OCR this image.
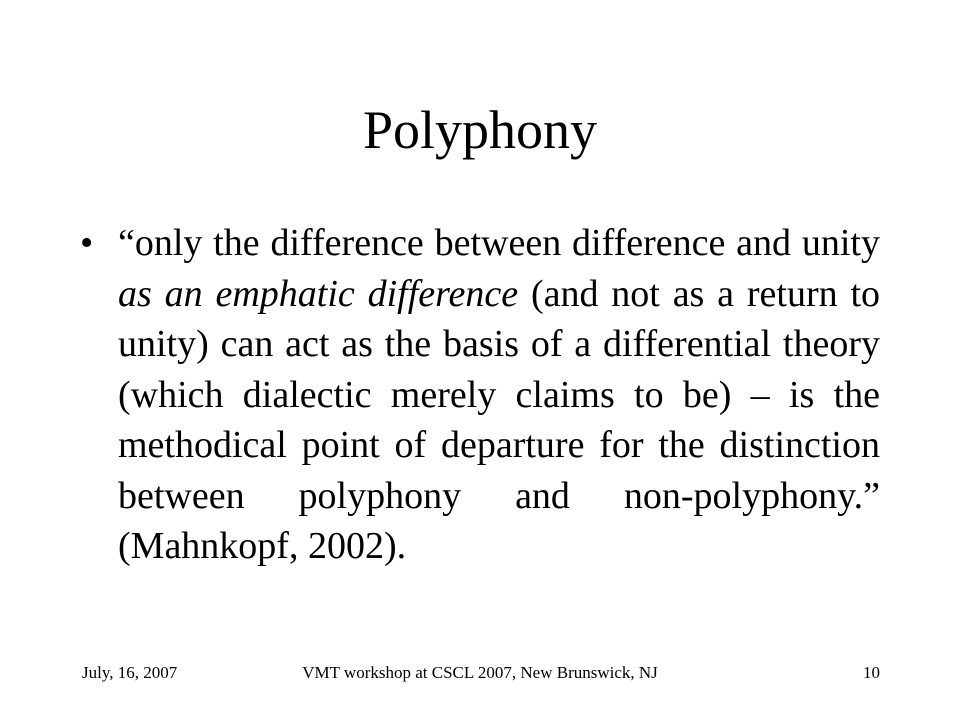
Polyphony
• “only the difference between difference and unity as an emphatic difference (and not as a return to unity) can act as the basis of a differential theory (which dialectic merely claims to be) – is the methodical point of departure for the distinction between polyphony and non-polyphony.” (Mahnkopf, 2002).
July, 16, 2007	VMT workshop at CSCL 2007, New Brunswick, NJ	10
